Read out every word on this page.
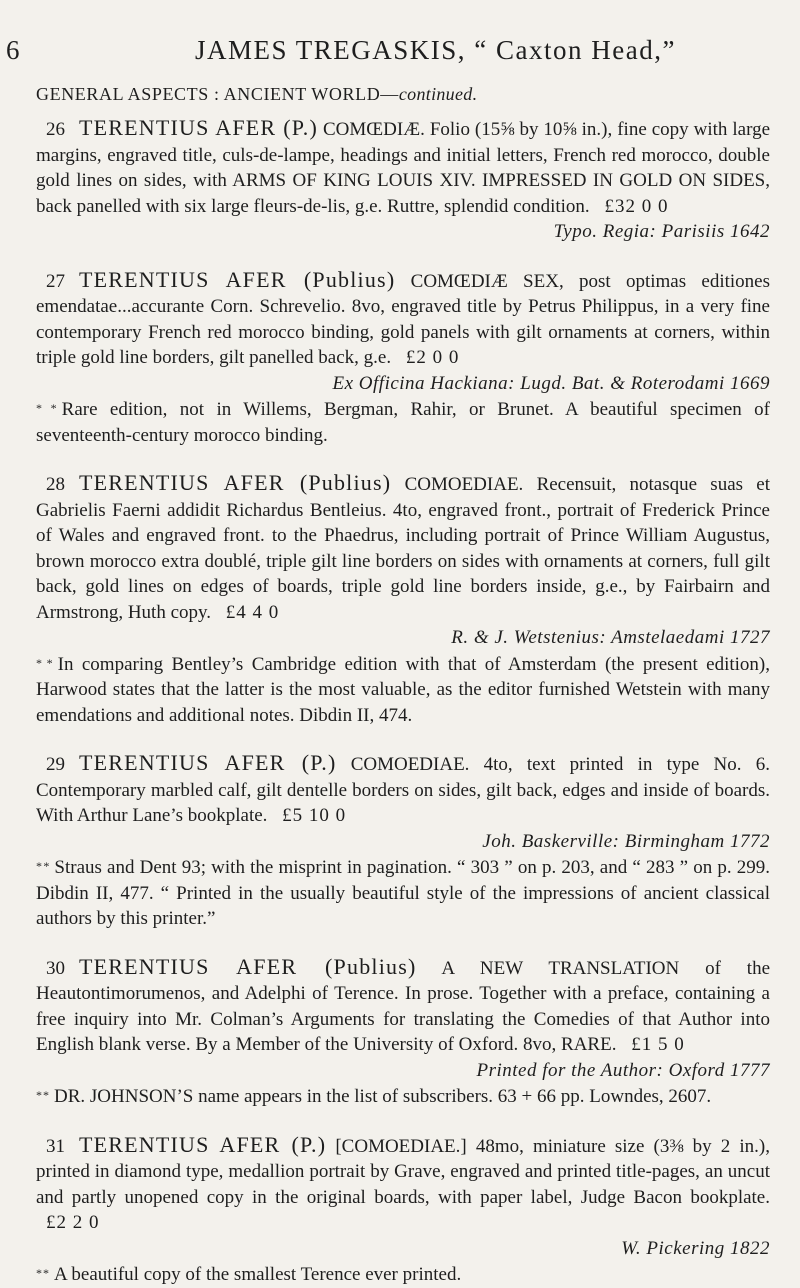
6	JAMES TREGASKIS, “ Caxton Head,”
GENERAL ASPECTS : ANCIENT WORLD—continued.
26 TERENTIUS AFER (P.) COMŒDIÆ. Folio (15⅝ by 10⅝ in.), fine copy with large margins, engraved title, culs-de-lampe, headings and initial letters, French red morocco, double gold lines on sides, with ARMS OF KING LOUIS XIV. IMPRESSED IN GOLD ON SIDES, back panelled with six large fleurs-de-lis, g.e. Ruttre, splendid condition. £32 0 0
Typo. Regia: Parisiis 1642
27 TERENTIUS AFER (Publius) COMŒDIÆ SEX, post optimas editiones emendatae...accurante Corn. Schrevelio. 8vo, engraved title by Petrus Philippus, in a very fine contemporary French red morocco binding, gold panels with gilt ornaments at corners, within triple gold line borders, gilt panelled back, g.e. £2 0 0
Ex Officina Hackiana: Lugd. Bat. & Roterodami 1669
* * Rare edition, not in Willems, Bergman, Rahir, or Brunet. A beautiful specimen of seventeenth-century morocco binding.
28 TERENTIUS AFER (Publius) COMOEDIAE. Recensuit, notasque suas et Gabrielis Faerni addidit Richardus Bentleius. 4to, engraved front., portrait of Frederick Prince of Wales and engraved front. to the Phaedrus, including portrait of Prince William Augustus, brown morocco extra doublé, triple gilt line borders on sides with ornaments at corners, full gilt back, gold lines on edges of boards, triple gold line borders inside, g.e., by Fairbairn and Armstrong, Huth copy. £4 4 0
R. & J. Wetstenius: Amstelaedami 1727
* * In comparing Bentley’s Cambridge edition with that of Amsterdam (the present edition), Harwood states that the latter is the most valuable, as the editor furnished Wetstein with many emendations and additional notes. Dibdin II, 474.
29 TERENTIUS AFER (P.) COMOEDIAE. 4to, text printed in type No. 6. Contemporary marbled calf, gilt dentelle borders on sides, gilt back, edges and inside of boards. With Arthur Lane’s bookplate. £5 10 0
Joh. Baskerville: Birmingham 1772
* * Straus and Dent 93; with the misprint in pagination. “ 303 ” on p. 203, and “ 283 ” on p. 299. Dibdin II, 477. “ Printed in the usually beautiful style of the impressions of ancient classical authors by this printer.”
30 TERENTIUS AFER (Publius) A NEW TRANSLATION of the Heautontimorumenos, and Adelphi of Terence. In prose. Together with a preface, containing a free inquiry into Mr. Colman’s Arguments for translating the Comedies of that Author into English blank verse. By a Member of the University of Oxford. 8vo, RARE. £1 5 0
Printed for the Author: Oxford 1777
* * DR. JOHNSON’S name appears in the list of subscribers. 63 + 66 pp. Lowndes, 2607.
31 TERENTIUS AFER (P.) [COMOEDIAE.] 48mo, miniature size (3⅜ by 2 in.), printed in diamond type, medallion portrait by Grave, engraved and printed title-pages, an uncut and partly unopened copy in the original boards, with paper label, Judge Bacon bookplate. £2 2 0
W. Pickering 1822
* * A beautiful copy of the smallest Terence ever printed.
